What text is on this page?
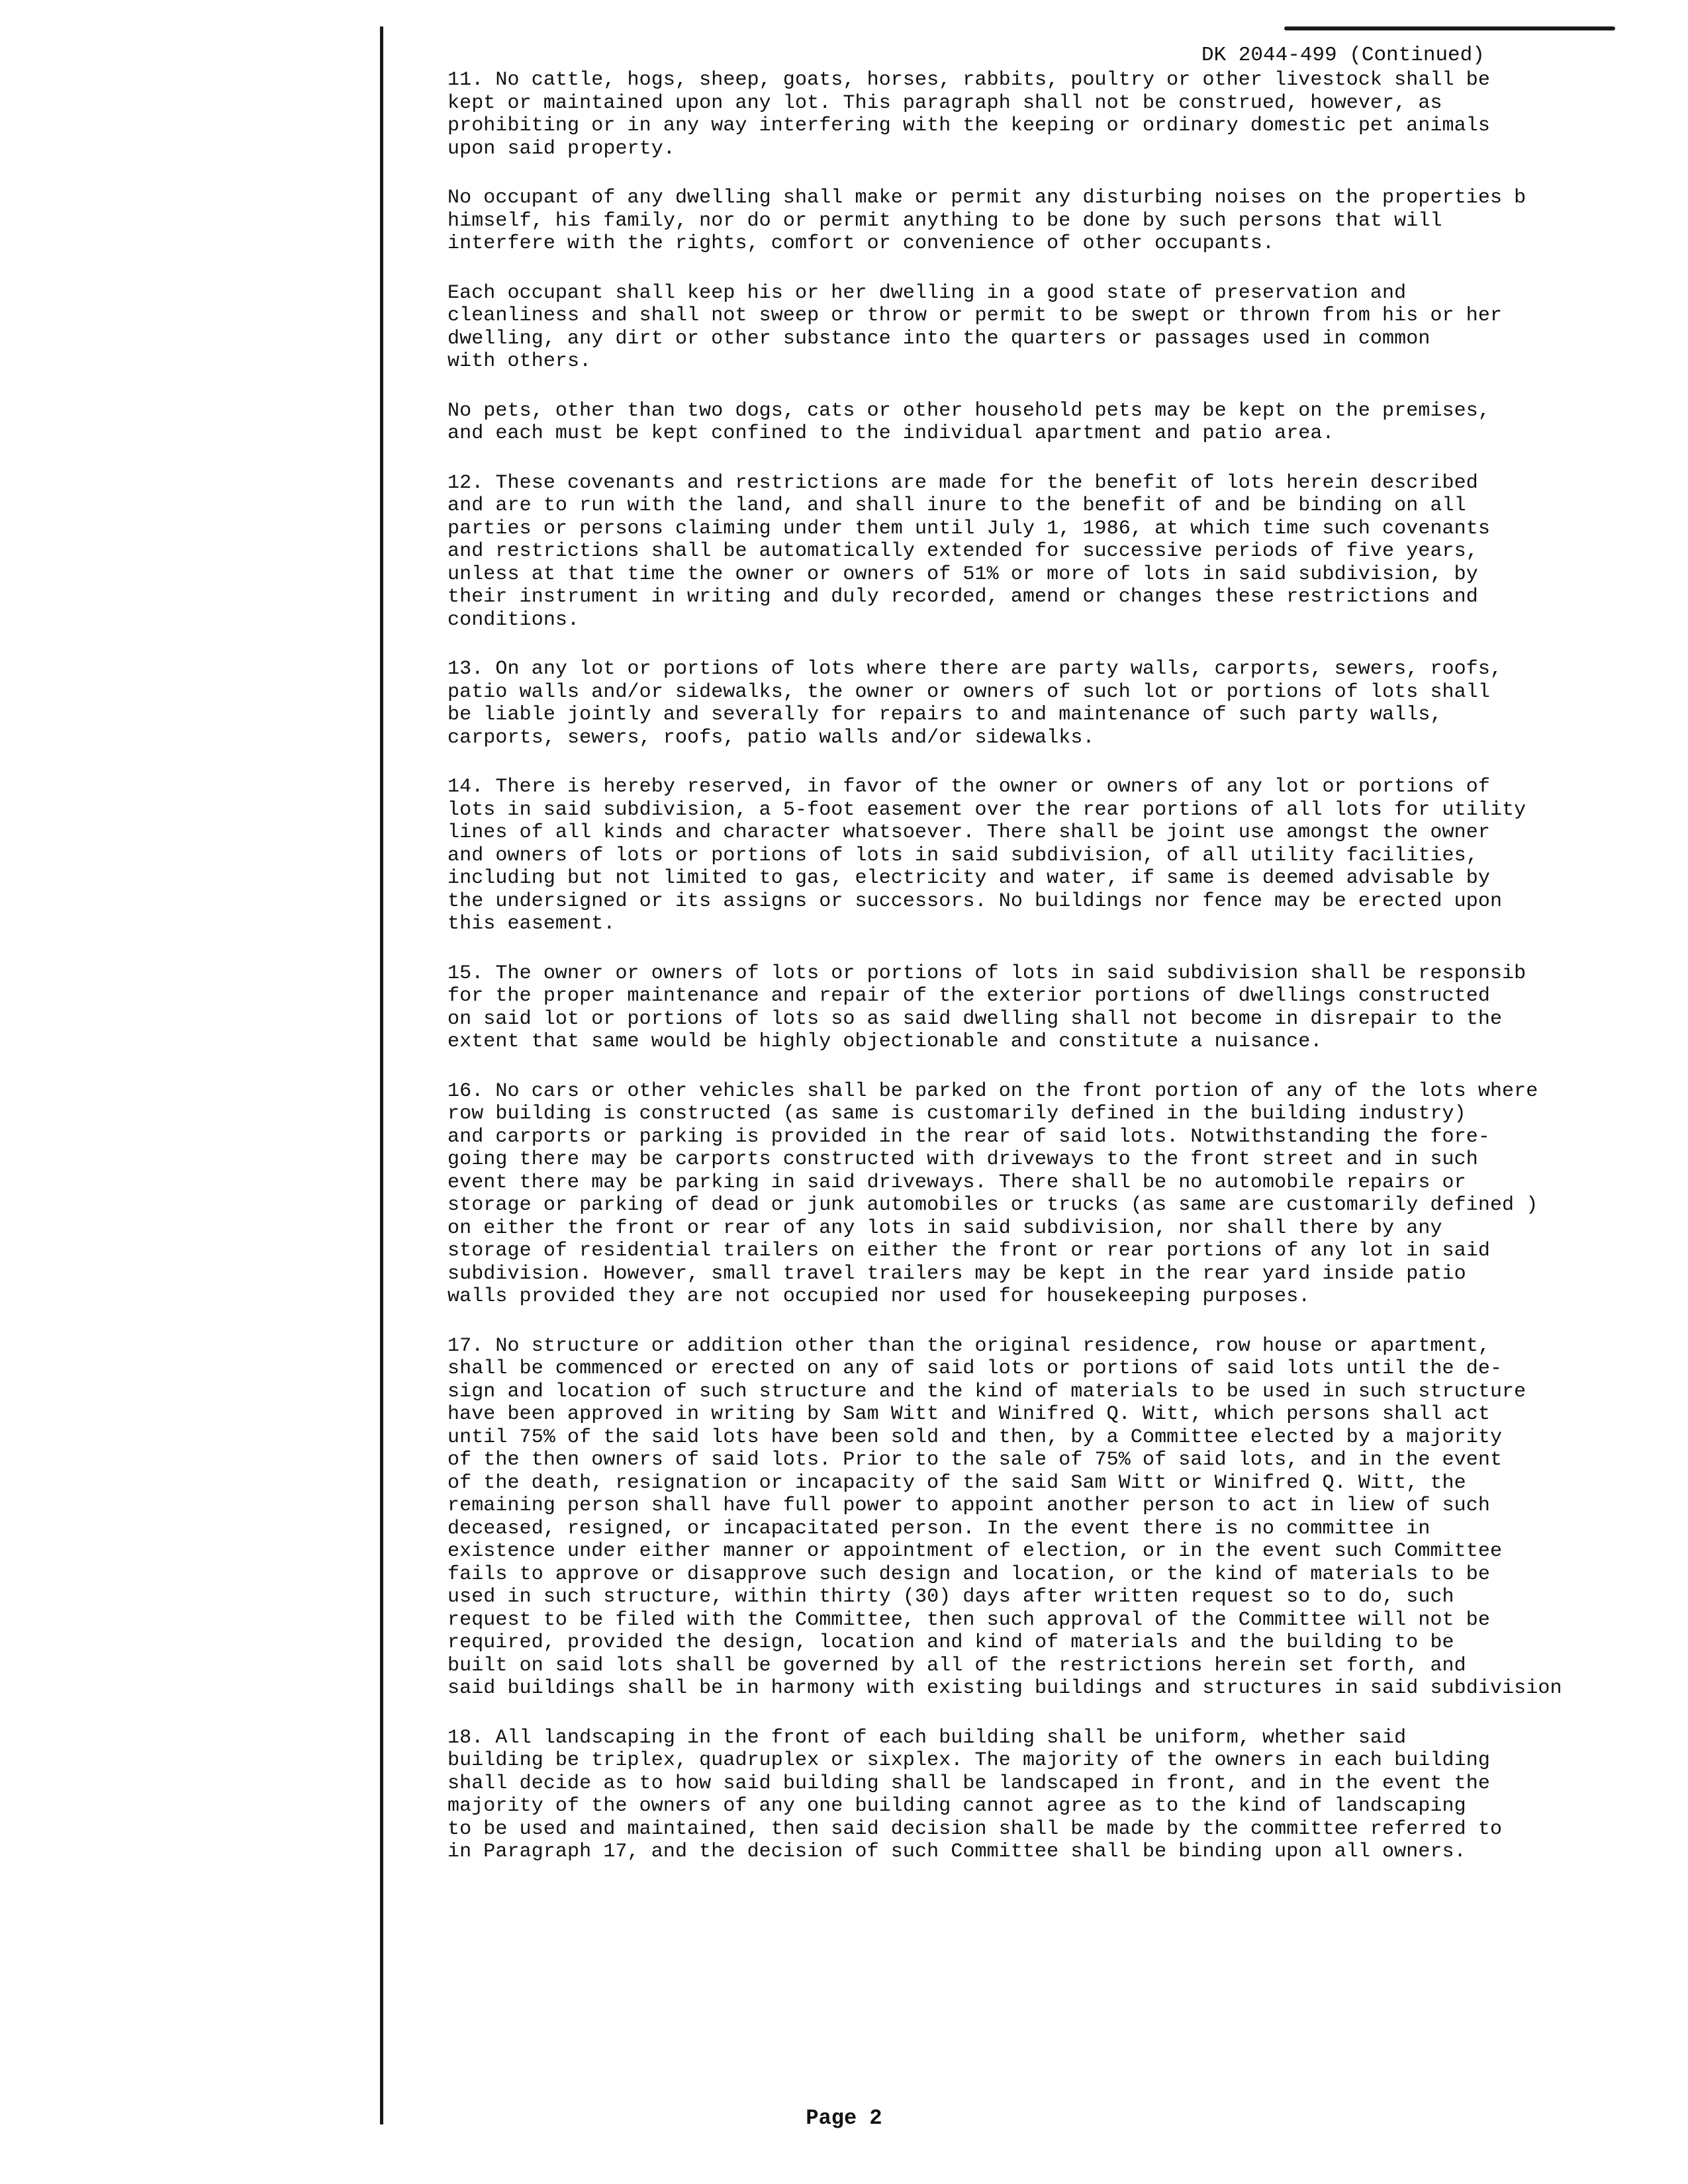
DK 2044-499 (Continued)

11. No cattle, hogs, sheep, goats, horses, rabbits, poultry or other livestock shall be
kept or maintained upon any lot. This paragraph shall not be construed, however, as
prohibiting or in any way interfering with the keeping or ordinary domestic pet animals
upon said property.

No occupant of any dwelling shall make or permit any disturbing noises on the properties b
himself, his family, nor do or permit anything to be done by such persons that will
interfere with the rights, comfort or convenience of other occupants.

Each occupant shall keep his or her dwelling in a good state of preservation and
cleanliness and shall not sweep or throw or permit to be swept or thrown from his or her
dwelling, any dirt or other substance into the quarters or passages used in common
with others.

No pets, other than two dogs, cats or other household pets may be kept on the premises,
and each must be kept confined to the individual apartment and patio area.

12. These covenants and restrictions are made for the benefit of lots herein described
and are to run with the land, and shall inure to the benefit of and be binding on all
parties or persons claiming under them until July 1, 1986, at which time such covenants
and restrictions shall be automatically extended for successive periods of five years,
unless at that time the owner or owners of 51% or more of lots in said subdivision, by
their instrument in writing and duly recorded, amend or changes these restrictions and
conditions.

13. On any lot or portions of lots where there are party walls, carports, sewers, roofs,
patio walls and/or sidewalks, the owner or owners of such lot or portions of lots shall
be liable jointly and severally for repairs to and maintenance of such party walls,
carports, sewers, roofs, patio walls and/or sidewalks.

14. There is hereby reserved, in favor of the owner or owners of any lot or portions of
lots in said subdivision, a 5-foot easement over the rear portions of all lots for utility
lines of all kinds and character whatsoever. There shall be joint use amongst the owner
and owners of lots or portions of lots in said subdivision, of all utility facilities,
including but not limited to gas, electricity and water, if same is deemed advisable by
the undersigned or its assigns or successors. No buildings nor fence may be erected upon
this easement.

15. The owner or owners of lots or portions of lots in said subdivision shall be responsib
for the proper maintenance and repair of the exterior portions of dwellings constructed
on said lot or portions of lots so as said dwelling shall not become in disrepair to the
extent that same would be highly objectionable and constitute a nuisance.

16. No cars or other vehicles shall be parked on the front portion of any of the lots where
row building is constructed (as same is customarily defined in the building industry)
and carports or parking is provided in the rear of said lots. Notwithstanding the fore-
going there may be carports constructed with driveways to the front street and in such
event there may be parking in said driveways. There shall be no automobile repairs or
storage or parking of dead or junk automobiles or trucks (as same are customarily defined )
on either the front or rear of any lots in said subdivision, nor shall there by any
storage of residential trailers on either the front or rear portions of any lot in said
subdivision. However, small travel trailers may be kept in the rear yard inside patio
walls provided they are not occupied nor used for housekeeping purposes.

17. No structure or addition other than the original residence, row house or apartment,
shall be commenced or erected on any of said lots or portions of said lots until the de-
sign and location of such structure and the kind of materials to be used in such structure
have been approved in writing by Sam Witt and Winifred Q. Witt, which persons shall act
until 75% of the said lots have been sold and then, by a Committee elected by a majority
of the then owners of said lots. Prior to the sale of 75% of said lots, and in the event
of the death, resignation or incapacity of the said Sam Witt or Winifred Q. Witt, the
remaining person shall have full power to appoint another person to act in liew of such
deceased, resigned, or incapacitated person. In the event there is no committee in
existence under either manner or appointment of election, or in the event such Committee
fails to approve or disapprove such design and location, or the kind of materials to be
used in such structure, within thirty (30) days after written request so to do, such
request to be filed with the Committee, then such approval of the Committee will not be
required, provided the design, location and kind of materials and the building to be
built on said lots shall be governed by all of the restrictions herein set forth, and
said buildings shall be in harmony with existing buildings and structures in said subdivision

18. All landscaping in the front of each building shall be uniform, whether said
building be triplex, quadruplex or sixplex. The majority of the owners in each building
shall decide as to how said building shall be landscaped in front, and in the event the
majority of the owners of any one building cannot agree as to the kind of landscaping
to be used and maintained, then said decision shall be made by the committee referred to
in Paragraph 17, and the decision of such Committee shall be binding upon all owners.

Page 2
